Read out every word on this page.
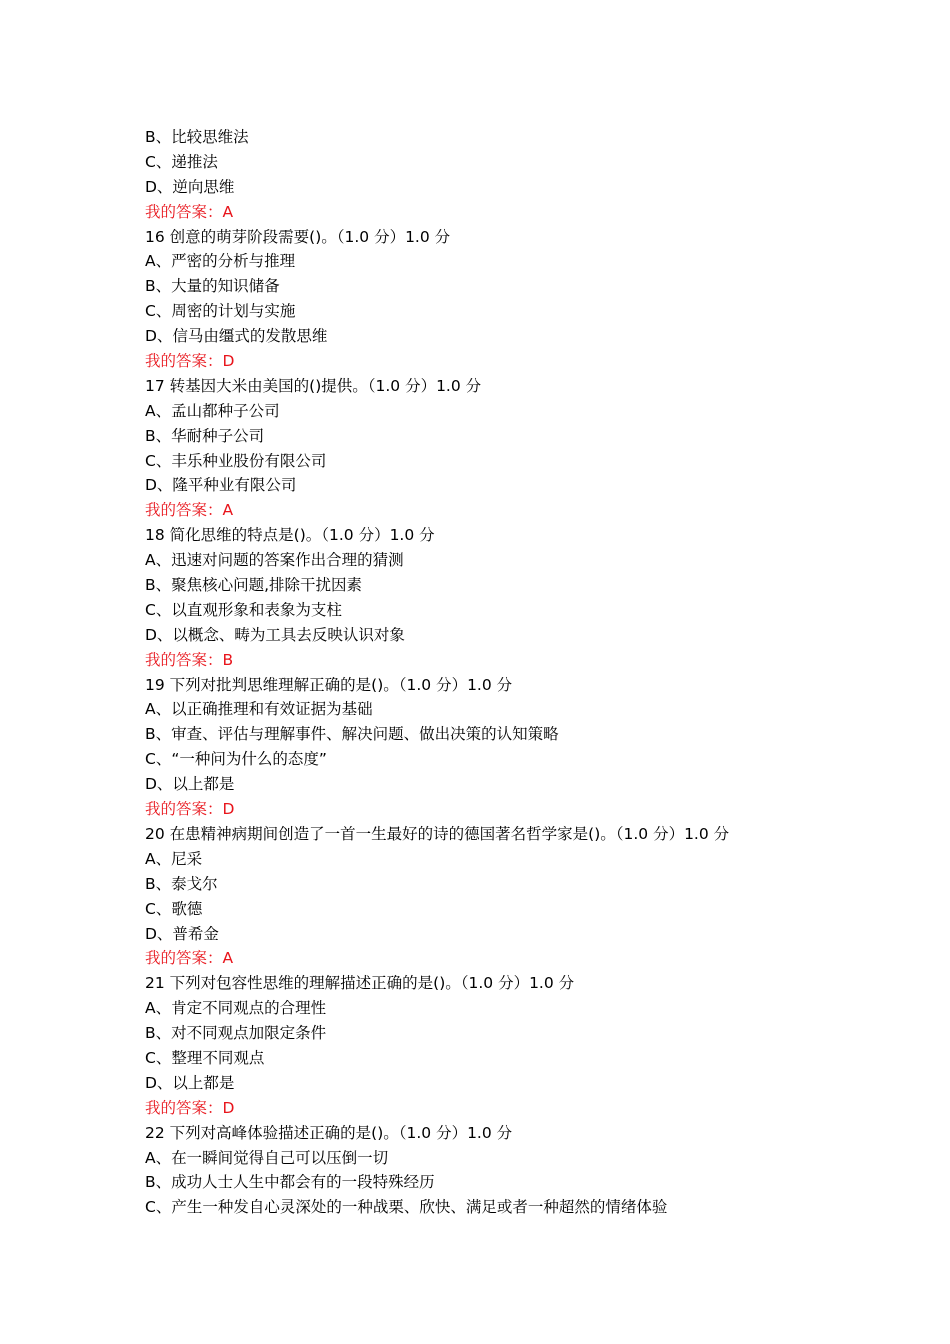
B、比较思维法
C、递推法
D、逆向思维
我的答案：A
16 创意的萌芽阶段需要()。（1.0 分）1.0 分
A、严密的分析与推理
B、大量的知识储备
C、周密的计划与实施
D、信马由缰式的发散思维
我的答案：D
17 转基因大米由美国的()提供。（1.0 分）1.0 分
A、孟山都种子公司
B、华耐种子公司
C、丰乐种业股份有限公司
D、隆平种业有限公司
我的答案：A
18 简化思维的特点是()。（1.0 分）1.0 分
A、迅速对问题的答案作出合理的猜测
B、聚焦核心问题,排除干扰因素
C、以直观形象和表象为支柱
D、以概念、畴为工具去反映认识对象
我的答案：B
19 下列对批判思维理解正确的是()。（1.0 分）1.0 分
A、以正确推理和有效证据为基础
B、审查、评估与理解事件、解决问题、做出决策的认知策略
C、“一种问为什么的态度”
D、以上都是
我的答案：D
20 在患精神病期间创造了一首一生最好的诗的德国著名哲学家是()。（1.0 分）1.0 分
A、尼采
B、泰戈尔
C、歌德
D、普希金
我的答案：A
21 下列对包容性思维的理解描述正确的是()。（1.0 分）1.0 分
A、肯定不同观点的合理性
B、对不同观点加限定条件
C、整理不同观点
D、以上都是
我的答案：D
22 下列对高峰体验描述正确的是()。（1.0 分）1.0 分
A、在一瞬间觉得自己可以压倒一切
B、成功人士人生中都会有的一段特殊经历
C、产生一种发自心灵深处的一种战栗、欣快、满足或者一种超然的情绪体验
